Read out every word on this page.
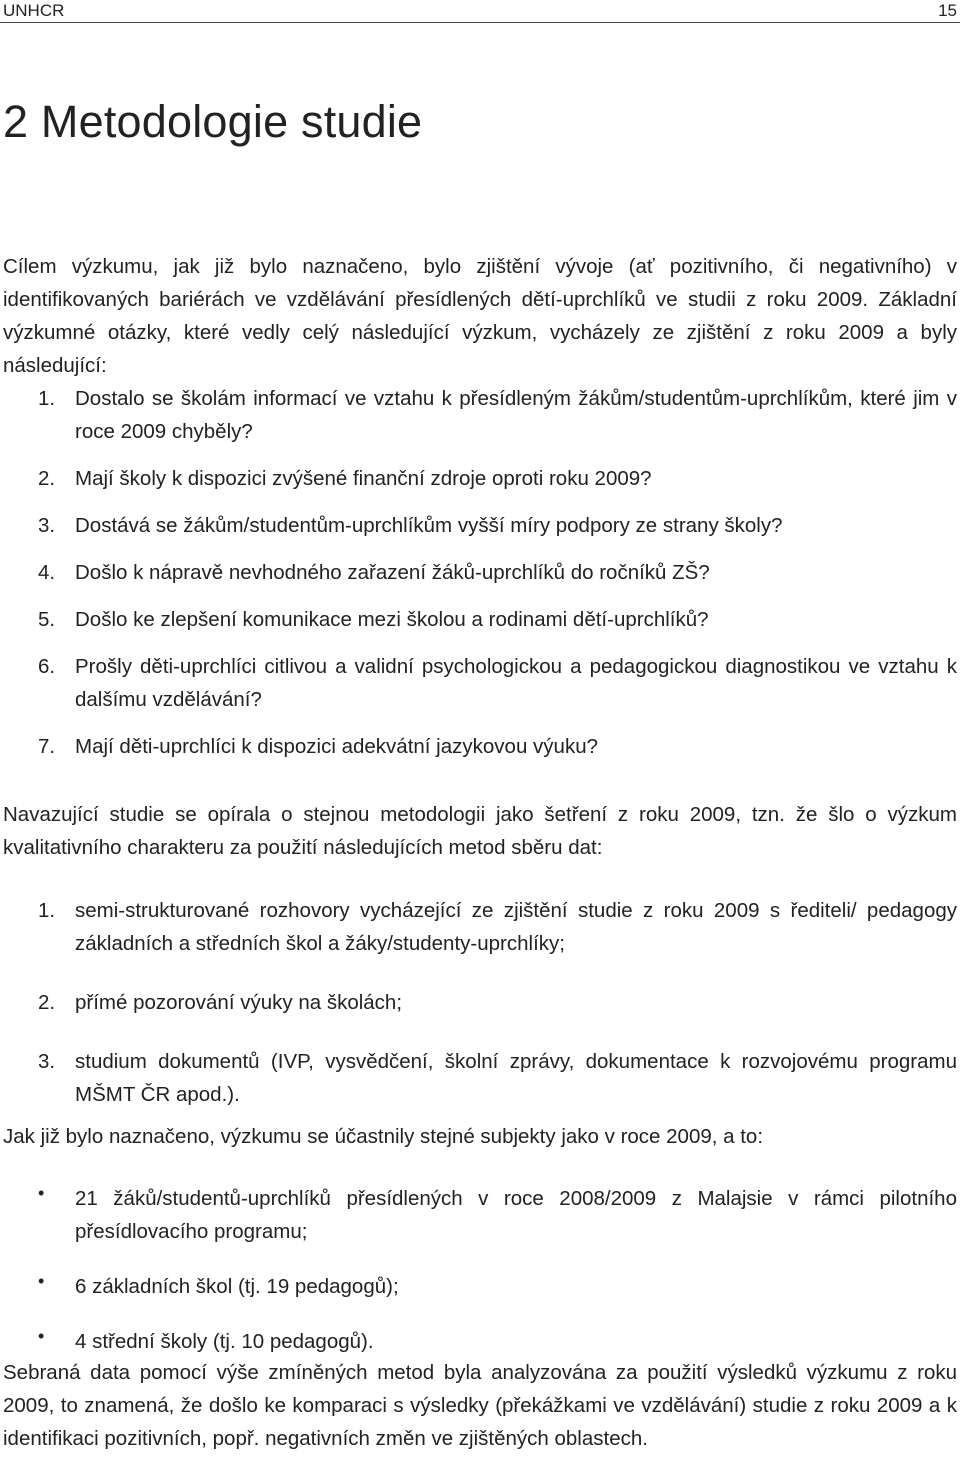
UNHCR	15
2 Metodologie studie

Cílem výzkumu, jak již bylo naznačeno, bylo zjištění vývoje (ať pozitivního, či negativního) v identifikovaných bariérách ve vzdělávání přesídlených dětí-uprchlíků ve studii z roku 2009. Základní výzkumné otázky, které vedly celý následující výzkum, vycházely ze zjištění z roku 2009 a byly následující:

1. Dostalo se školám informací ve vztahu k přesídleným žákům/studentům-uprchlíkům, které jim v roce 2009 chyběly?
2. Mají školy k dispozici zvýšené finanční zdroje oproti roku 2009?
3. Dostává se žákům/studentům-uprchlíkům vyšší míry podpory ze strany školy?
4. Došlo k nápravě nevhodného zařazení žáků-uprchlíků do ročníků ZŠ?
5. Došlo ke zlepšení komunikace mezi školou a rodinami dětí-uprchlíků?
6. Prošly děti-uprchlíci citlivou a validní psychologickou a pedagogickou diagnostikou ve vztahu k dalšímu vzdělávání?
7. Mají děti-uprchlíci k dispozici adekvátní jazykovou výuku?

Navazující studie se opírala o stejnou metodologii jako šetření z roku 2009, tzn. že šlo o výzkum kvalitativního charakteru za použití následujících metod sběru dat:

1. semi-strukturované rozhovory vycházející ze zjištění studie z roku 2009 s řediteli/ pedagogy základních a středních škol a žáky/studenty-uprchlíky;
2. přímé pozorování výuky na školách;
3. studium dokumentů (IVP, vysvědčení, školní zprávy, dokumentace k rozvojovému programu MŠMT ČR apod.).

Jak již bylo naznačeno, výzkumu se účastnily stejné subjekty jako v roce 2009, a to:

• 21 žáků/studentů-uprchlíků přesídlených v roce 2008/2009 z Malajsie v rámci pilotního přesídlovacího programu;
• 6 základních škol (tj. 19 pedagogů);
• 4 střední školy (tj. 10 pedagogů).

Sebraná data pomocí výše zmíněných metod byla analyzována za použití výsledků výzkumu z roku 2009, to znamená, že došlo ke komparaci s výsledky (překážkami ve vzdělávání) studie z roku 2009 a k identifikaci pozitivních, popř. negativních změn ve zjištěných oblastech.
